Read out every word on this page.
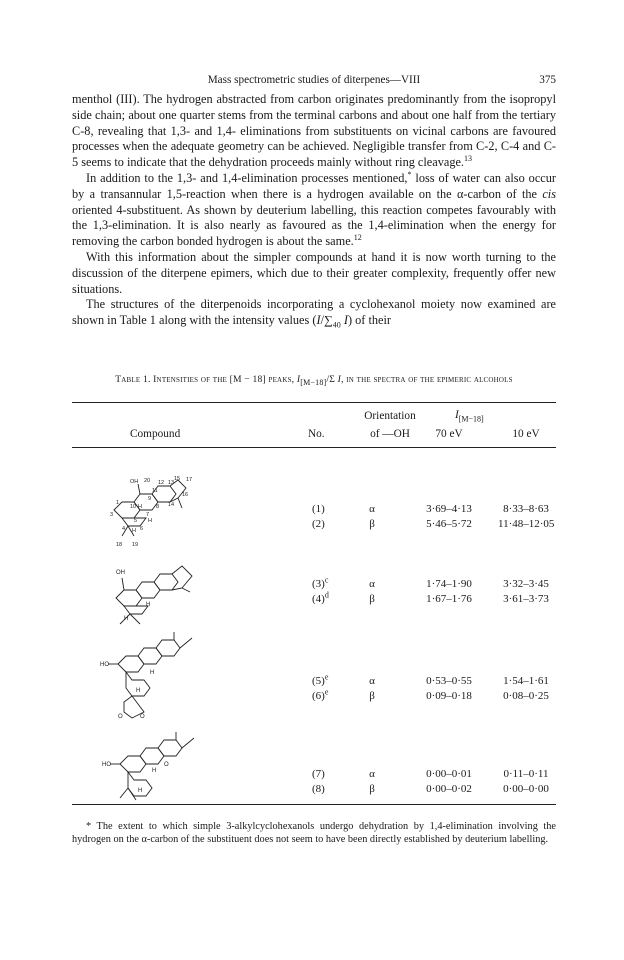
Mass spectrometric studies of diterpenes—VIII	375

menthol (III). The hydrogen abstracted from carbon originates predominantly from the isopropyl side chain; about one quarter stems from the terminal carbons and about one half from the tertiary C-8, revealing that 1,3- and 1,4- eliminations from substituents on vicinal carbons are favoured processes when the adequate geometry can be achieved. Negligible transfer from C-2, C-4 and C-5 seems to indicate that the dehydration proceeds mainly without ring cleavage.$^{13}$

In addition to the 1,3- and 1,4-elimination processes mentioned,* loss of water can also occur by a transannular 1,5-reaction when there is a hydrogen available on the α-carbon of the cis oriented 4-substituent. As shown by deuterium labelling, this reaction competes favourably with the 1,3-elimination. It is also nearly as favoured as the 1,4-elimination when the energy for removing the carbon bonded hydrogen is about the same.$^{12}$

With this information about the simpler compounds at hand it is now worth turning to the discussion of the diterpene epimers, which due to their greater complexity, frequently offer new situations.

The structures of the diterpenoids incorporating a cyclohexanol moiety now examined are shown in Table 1 along with the intensity values ($I/\sum_{40}$ I) of their

Table 1. Intensities of the [M − 18] peaks, $I_{[M-18]}/\Sigma$ I, in the spectra of the epimeric alcohols
Compound	No.
Orientation
of —OH
$I_{[M-18]}$
70 eV	10 eV
(1)	α	3·69–4·13	8·33–8·63
(2)	β	5·46–5·72	11·48–12·05
$(3)^c$	α	1·74–1·90	3·32–3·45
$(4)^d$	β	1·67–1·76	3·61–3·73
$(5)^e$	α	0·53–0·55	1·54–1·61
$(6)^e$	β	0·09–0·18	0·08–0·25
(7)	α	0·00–0·01	0·11–0·11
(8)	β	0·00–0·02	0·00–0·00
OH 20
H
17
10
H
8
16
1
9
14
4
5
7
3
H 6
18 19
15
12
11
13
OH
H
H
HO
H
H
O	O
HO
H
O
H

* The extent to which simple 3-alkylcyclohexanols undergo dehydration by 1,4-elimination involving the hydrogen on the α-carbon of the substituent does not seem to have been directly established by deuterium labelling.
